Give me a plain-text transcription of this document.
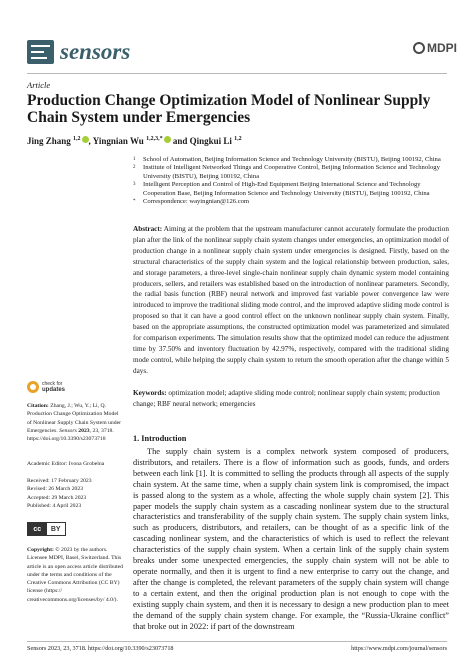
sensors	MDPI
Article
Production Change Optimization Model of Nonlinear Supply Chain System under Emergencies
Jing Zhang $^{1,2}$ , Yingnian Wu $^{1,2,3,*}$ and Qingkui Li $^{1,2}$
1	School of Automation, Beijing Information Science and Technology University (BISTU), Beijing 100192, China
2	Institute of Intelligent Networked Things and Cooperative Control, Beijing Information Science and Technology University (BISTU), Beijing 100192, China
3	Intelligent Perception and Control of High-End Equipment Beijing International Science and Technology Cooperation Base, Beijing Information Science and Technology University (BISTU), Beijing 100192, China
*	Correspondence: wayingnian@126.com
Abstract: Aiming at the problem that the upstream manufacturer cannot accurately formulate the production plan after the link of the nonlinear supply chain system changes under emergencies, an optimization model of production change in a nonlinear supply chain system under emergencies is designed. Firstly, based on the structural characteristics of the supply chain system and the logical relationship between production, sales, and storage parameters, a three-level single-chain nonlinear supply chain dynamic system model containing producers, sellers, and retailers was established based on the introduction of nonlinear parameters. Secondly, the radial basis function (RBF) neural network and improved fast variable power convergence law were introduced to improve the traditional sliding mode control, and the improved adaptive sliding mode control is proposed so that it can have a good control effect on the unknown nonlinear supply chain system. Finally, based on the appropriate assumptions, the constructed optimization model was parameterized and simulated for comparison experiments. The simulation results show that the optimized model can reduce the adjustment time by 37.50% and inventory fluctuation by 42.97%, respectively, compared with the traditional sliding mode control, while helping the supply chain system to return the smooth operation after the change within 5 days.
Keywords: optimization model; adaptive sliding mode control; nonlinear supply chain system; production change; RBF neural network; emergencies
check for
updates
Citation: Zhang, J.; Wu, Y.; Li, Q. Production Change Optimization Model of Nonlinear Supply Chain System under Emergencies. Sensors 2023, 23, 3718. https://doi.org/10.3390/s23073718
Academic Editor: Ivona Grobelna
Received: 17 February 2023
Revised: 26 March 2023
Accepted: 29 March 2023
Published: 4 April 2023
cc	BY
Copyright: © 2023 by the authors. Licensee MDPI, Basel, Switzerland. This article is an open access article distributed under the terms and conditions of the Creative Commons Attribution (CC BY) license (https:// creativecommons.org/licenses/by/ 4.0/).
1. Introduction

The supply chain system is a complex network system composed of producers, distributors, and retailers. There is a flow of information such as goods, funds, and orders between each link [1]. It is committed to selling the products through all aspects of the supply chain system. At the same time, when a supply chain system link is compromised, the impact is passed along to the system as a whole, affecting the whole supply chain system [2]. This paper models the supply chain system as a cascading nonlinear system due to the structural characteristics and transferability of the supply chain system. The supply chain system links, such as producers, distributors, and retailers, can be thought of as a specific link of the cascading nonlinear system, and the characteristics of which is used to reflect the relevant characteristics of the supply chain system. When a certain link of the supply chain system breaks under some unexpected emergencies, the supply chain system will not be able to operate normally, and then it is urgent to find a new enterprise to carry out the change, and after the change is completed, the relevant parameters of the supply chain system will change to a certain extent, and then the original production plan is not enough to cope with the existing supply chain system, and then it is necessary to design a new production plan to meet the demand of the supply chain system change. For example, the “Russia-Ukraine conflict” that broke out in 2022: if part of the downstream

Sensors 2023, 23, 3718. https://doi.org/10.3390/s23073718	https://www.mdpi.com/journal/sensors
